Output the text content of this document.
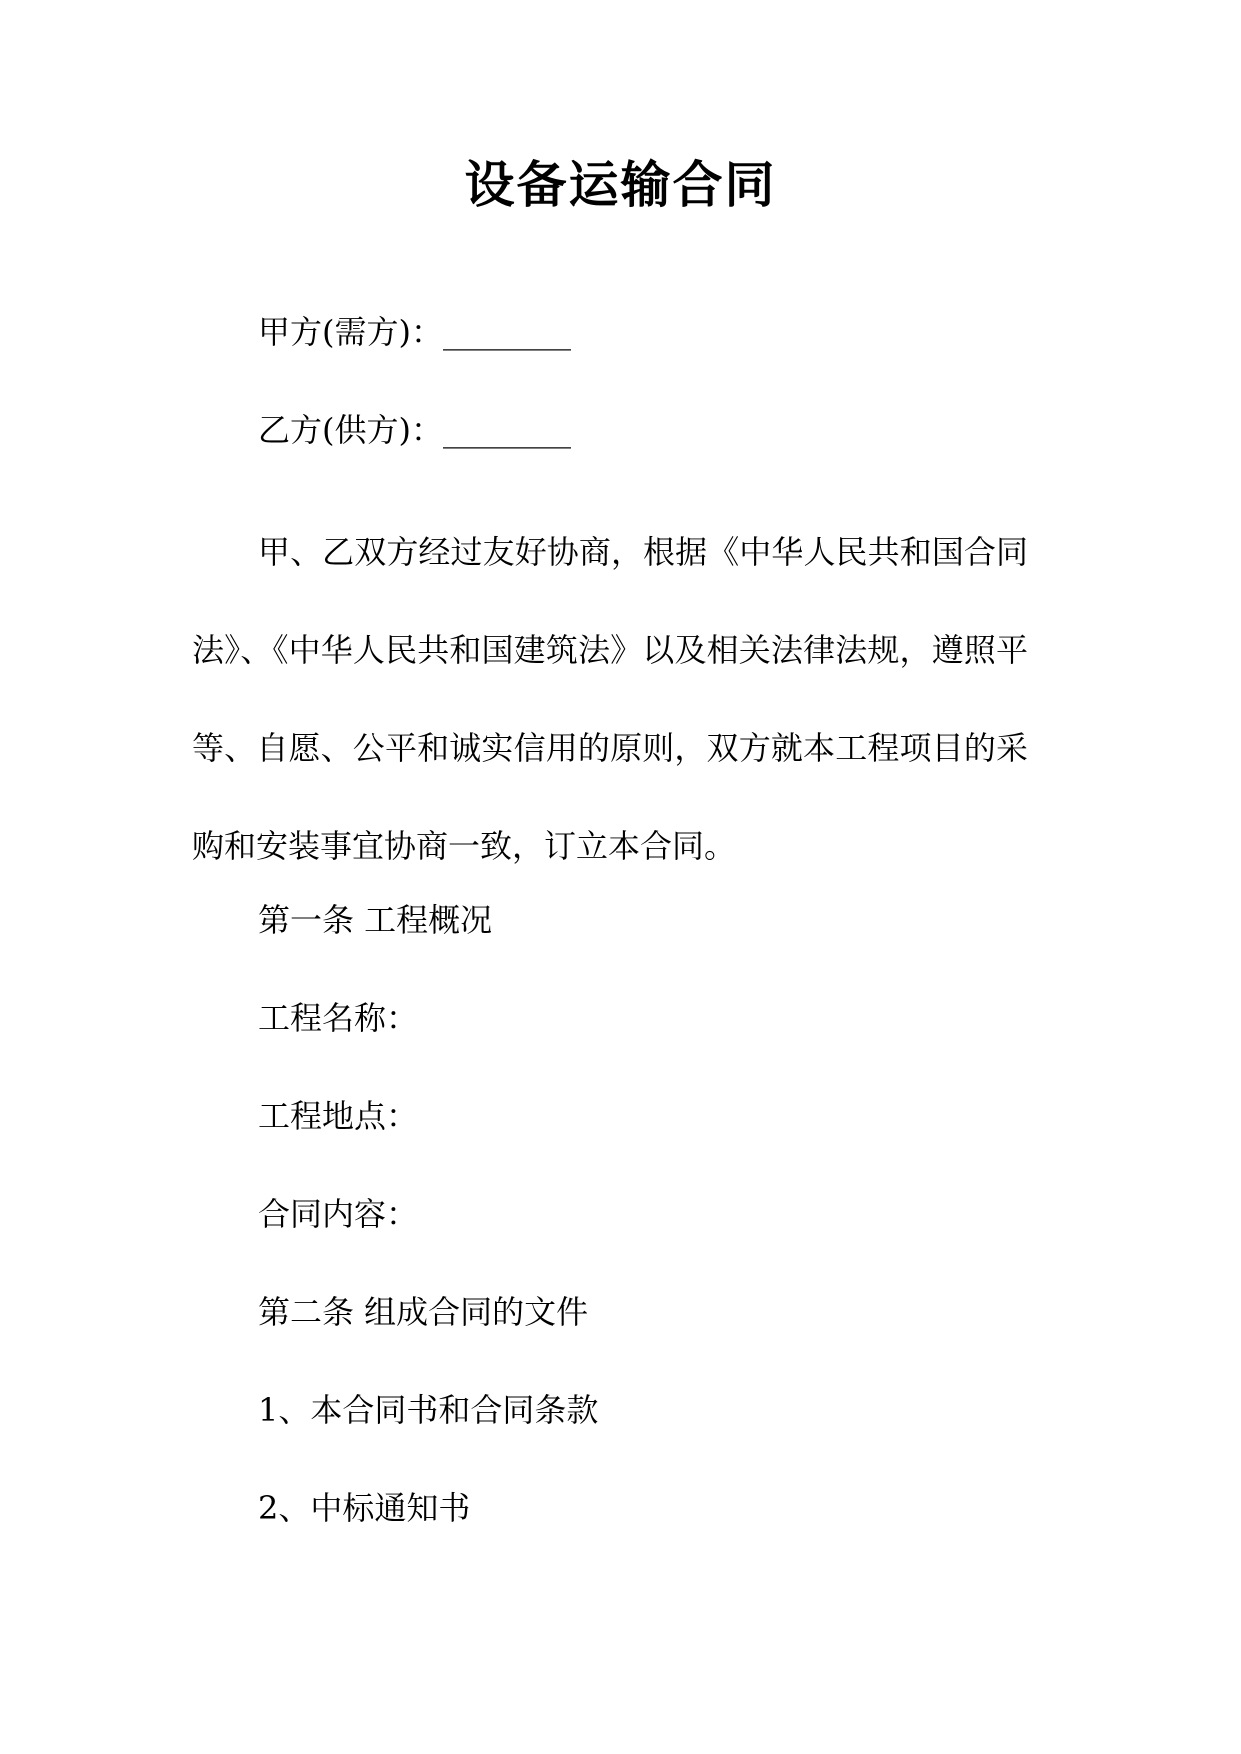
设备运输合同
甲方(需方)：________
乙方(供方)：________
甲、乙双方经过友好协商，根据《中华人民共和国合同法》、《中华人民共和国建筑法》以及相关法律法规，遵照平等、自愿、公平和诚实信用的原则，双方就本工程项目的采购和安装事宜协商一致，订立本合同。
第一条 工程概况
工程名称：
工程地点：
合同内容：
第二条 组成合同的文件
1、本合同书和合同条款
2、中标通知书
